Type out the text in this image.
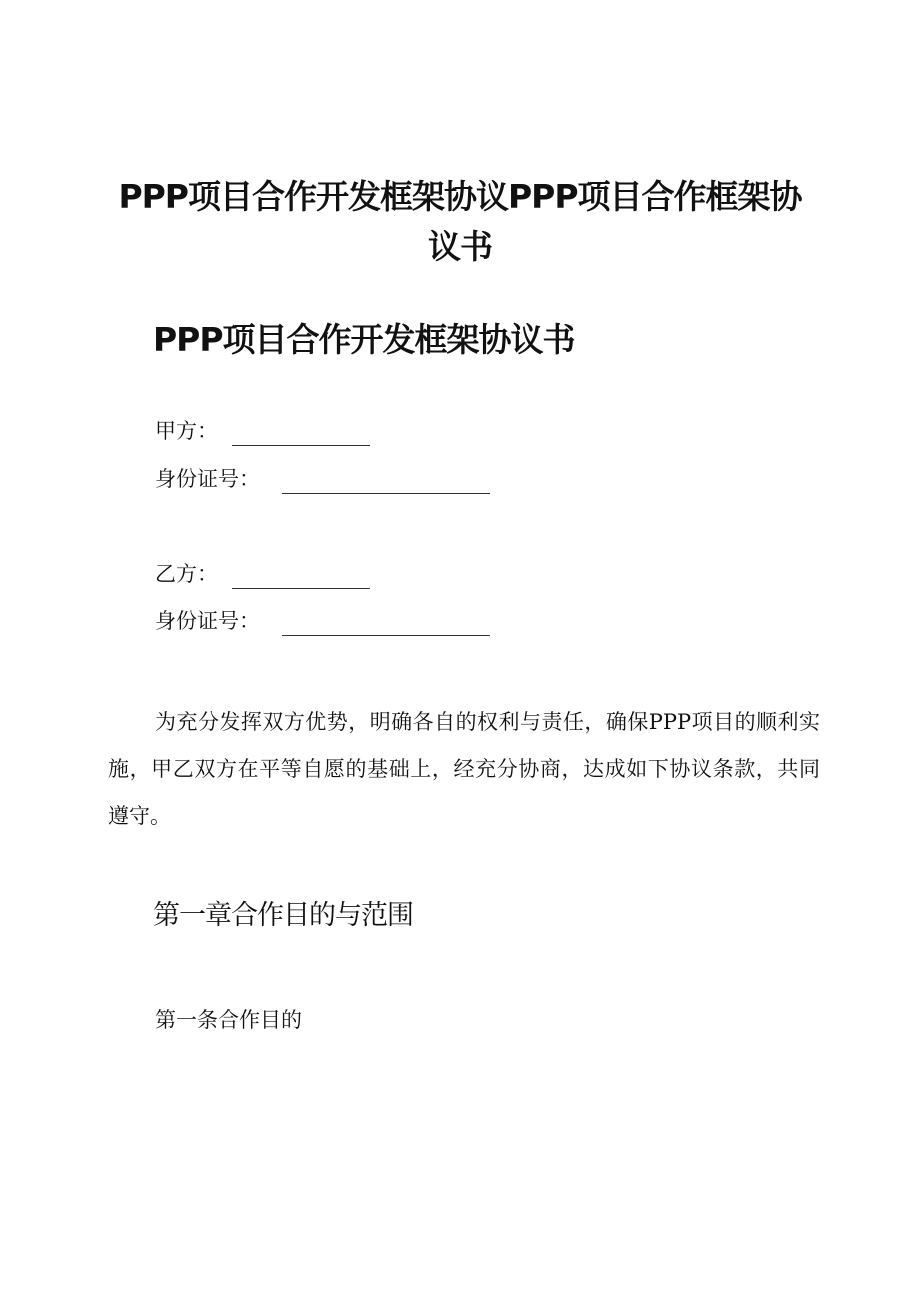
PPP项目合作开发框架协议PPP项目合作框架协议书
PPP项目合作开发框架协议书
甲方：
身份证号：
乙方：
身份证号：
为充分发挥双方优势，明确各自的权利与责任，确保PPP项目的顺利实施，甲乙双方在平等自愿的基础上，经充分协商，达成如下协议条款，共同遵守。
第一章合作目的与范围
第一条合作目的
